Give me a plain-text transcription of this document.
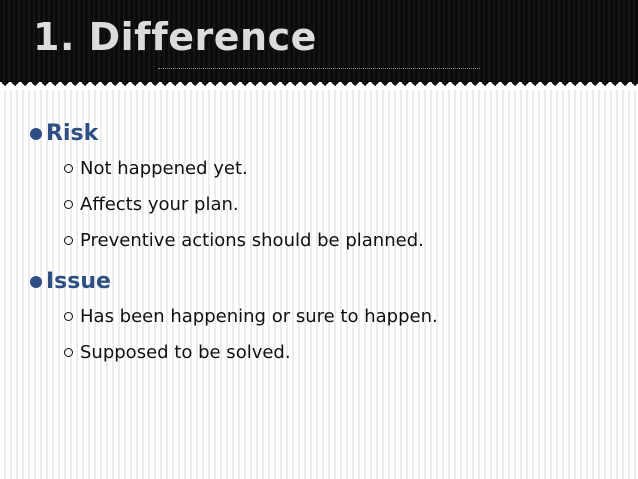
1. Difference
Risk
Not happened yet.
Affects your plan.
Preventive actions should be planned.
Issue
Has been happening or sure to happen.
Supposed to be solved.
